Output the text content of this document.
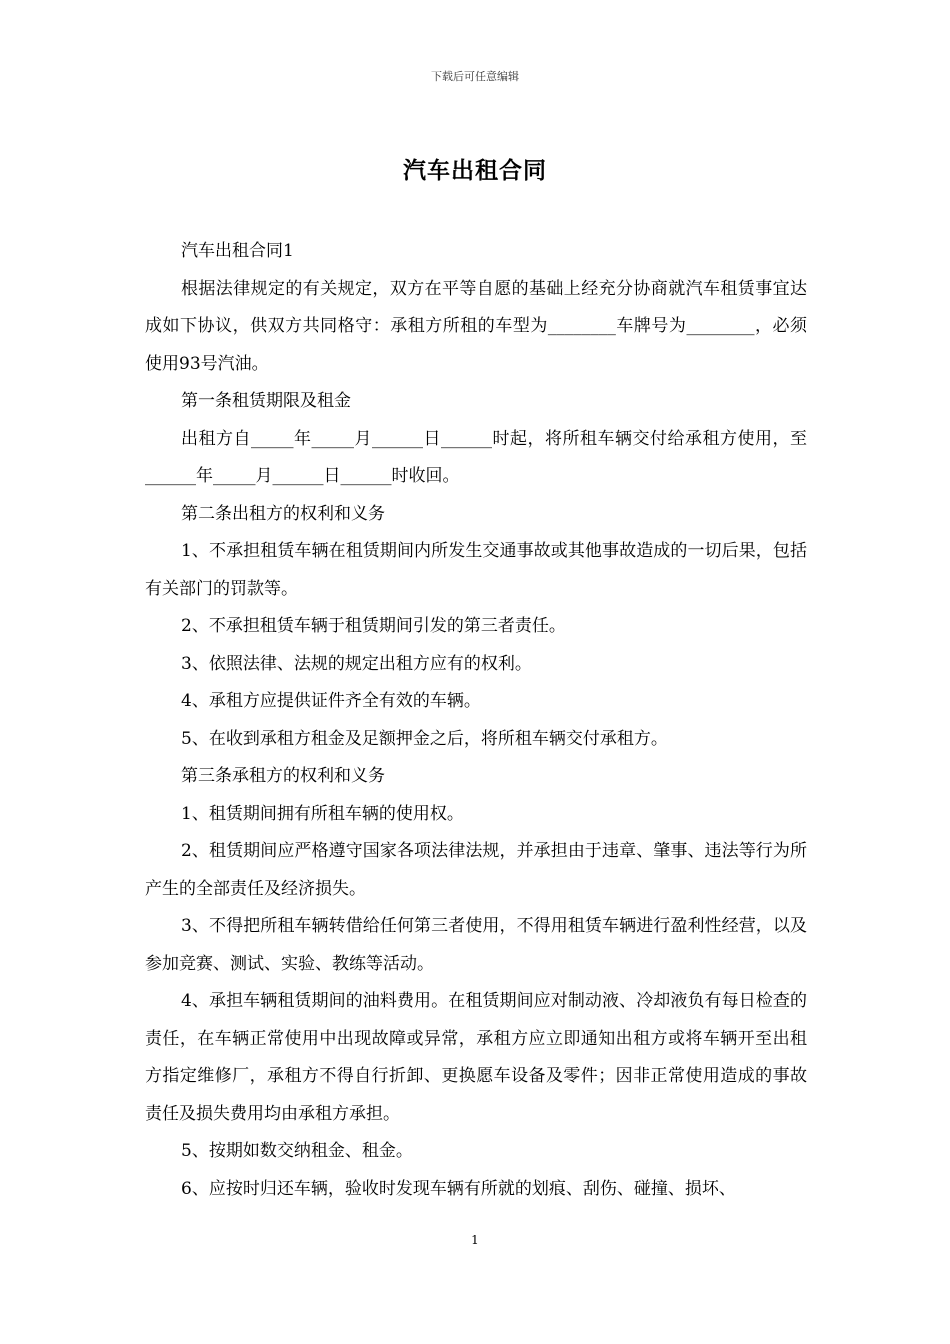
下载后可任意编辑
汽车出租合同

汽车出租合同1

根据法律规定的有关规定，双方在平等自愿的基础上经充分协商就汽车租赁事宜达成如下协议，供双方共同格守：承租方所租的车型为________车牌号为________，必须使用93号汽油。

第一条租赁期限及租金

出租方自_____年_____月______日______时起，将所租车辆交付给承租方使用，至______年_____月______日______时收回。

第二条出租方的权利和义务

1、不承担租赁车辆在租赁期间内所发生交通事故或其他事故造成的一切后果，包括有关部门的罚款等。

2、不承担租赁车辆于租赁期间引发的第三者责任。

3、依照法律、法规的规定出租方应有的权利。

4、承租方应提供证件齐全有效的车辆。

5、在收到承租方租金及足额押金之后，将所租车辆交付承租方。

第三条承租方的权利和义务

1、租赁期间拥有所租车辆的使用权。

2、租赁期间应严格遵守国家各项法律法规，并承担由于违章、肇事、违法等行为所产生的全部责任及经济损失。

3、不得把所租车辆转借给任何第三者使用，不得用租赁车辆进行盈利性经营，以及参加竞赛、测试、实验、教练等活动。

4、承担车辆租赁期间的油料费用。在租赁期间应对制动液、冷却液负有每日检查的责任，在车辆正常使用中出现故障或异常，承租方应立即通知出租方或将车辆开至出租方指定维修厂，承租方不得自行折卸、更换愿车设备及零件；因非正常使用造成的事故责任及损失费用均由承租方承担。

5、按期如数交纳租金、租金。

6、应按时归还车辆，验收时发现车辆有所就的划痕、刮伤、碰撞、损坏、

1
